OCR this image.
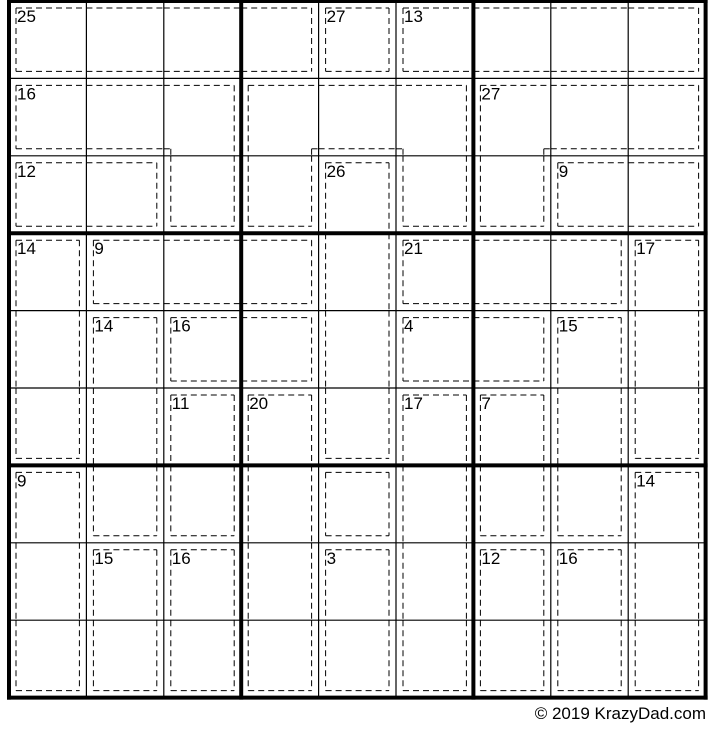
25	27	13
16	27
12	26	9
14	9	21	17
14	16	4	15
11	20	17	7
9	14
15	16	3	12	16
© 2019 KrazyDad.com
